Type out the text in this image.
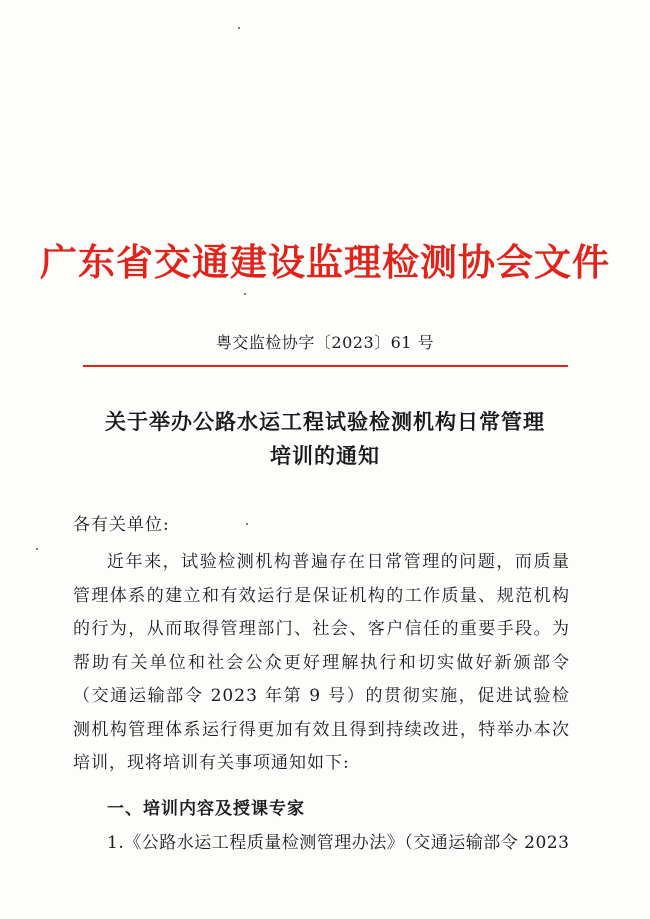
广东省交通建设监理检测协会文件
粤交监检协字〔2023〕61 号
关于举办公路水运工程试验检测机构日常管理
培训的通知
各有关单位:
近年来，试验检测机构普遍存在日常管理的问题，而质量管理体系的建立和有效运行是保证机构的工作质量、规范机构的行为，从而取得管理部门、社会、客户信任的重要手段。为帮助有关单位和社会公众更好理解执行和切实做好新颁部令（交通运输部令 2023 年第 9 号）的贯彻实施，促进试验检测机构管理体系运行得更加有效且得到持续改进，特举办本次培训，现将培训有关事项通知如下:
一、培训内容及授课专家
1.《公路水运工程质量检测管理办法》（交通运输部令 2023
